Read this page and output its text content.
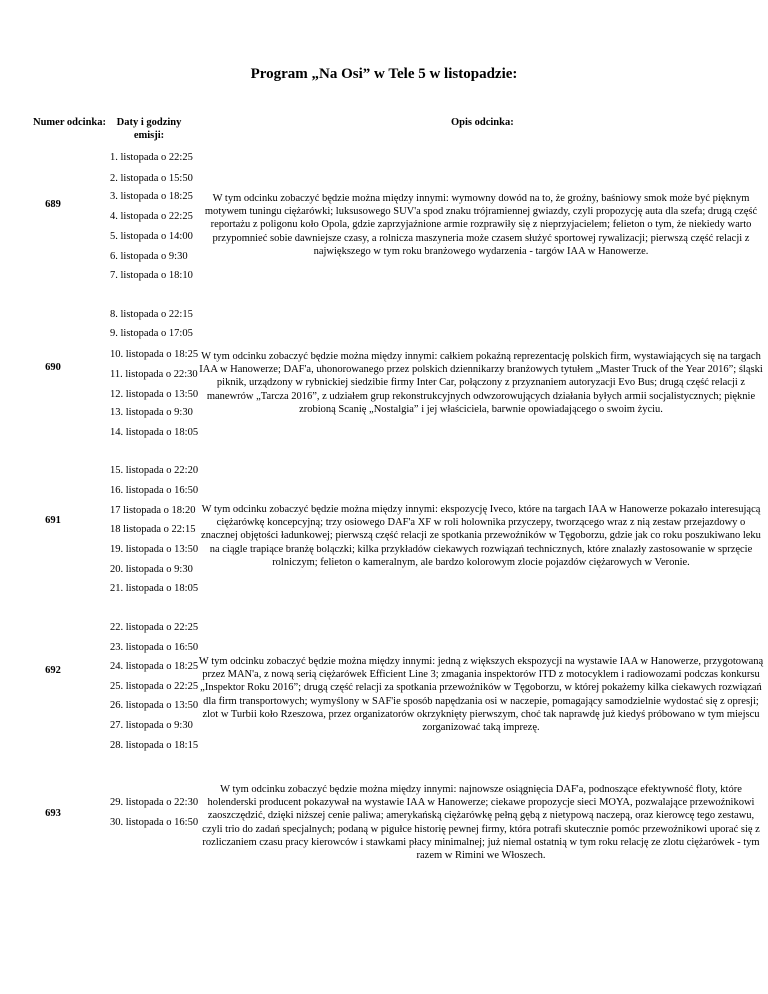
Program „Na Osi” w Tele 5 w listopadzie:
Numer odcinka:	Daty i godziny emisji:
Opis odcinka:
689
1. listopada o 22:25
2. listopada o 15:50
3. listopada o 18:25
4. listopada o 22:25
5. listopada o 14:00
6. listopada o 9:30
7. listopada o 18:10
W tym odcinku zobaczyć będzie można między innymi: wymowny dowód na to, że groźny, baśniowy smok może być pięknym motywem tuningu ciężarówki; luksusowego SUV'a spod znaku trójramiennej gwiazdy, czyli propozycję auta dla szefa; drugą część reportażu z poligonu koło Opola, gdzie zaprzyjaźnione armie rozprawiły się z nieprzyjacielem; felieton o tym, że niekiedy warto przypomnieć sobie dawniejsze czasy, a rolnicza maszyneria może czasem służyć sportowej rywalizacji; pierwszą część relacji z największego w tym roku branżowego wydarzenia - targów IAA w Hanowerze.
690
8. listopada o 22:15
9. listopada o 17:05
10. listopada o 18:25
11. listopada o 22:30
12. listopada o 13:50
13. listopada o 9:30
14. listopada o 18:05
W tym odcinku zobaczyć będzie można między innymi: całkiem pokaźną reprezentację polskich firm, wystawiających się na targach IAA w Hanowerze; DAF'a, uhonorowanego przez polskich dziennikarzy branżowych tytułem „Master Truck of the Year 2016”; śląski piknik, urządzony w rybnickiej siedzibie firmy Inter Car, połączony z przyznaniem autoryzacji Evo Bus; drugą część relacji z manewrów „Tarcza 2016”, z udziałem grup rekonstrukcyjnych odwzorowujących działania byłych armii socjalistycznych; pięknie zrobioną Scanię „Nostalgia” i jej właściciela, barwnie opowiadającego o swoim życiu.
691
15. listopada o 22:20
16. listopada o 16:50
17 listopada o 18:20
18 listopada o 22:15
19. listopada o 13:50
20. listopada o 9:30
21. listopada o 18:05
W tym odcinku zobaczyć będzie można między innymi: ekspozycję Iveco, które na targach IAA w Hanowerze pokazało interesującą ciężarówkę koncepcyjną; trzy osiowego DAF'a XF w roli holownika przyczepy, tworzącego wraz z nią zestaw przejazdowy o znacznej objętości ładunkowej; pierwszą część relacji ze spotkania przewoźników w Tęgoborzu, gdzie jak co roku poszukiwano leku na ciągle trapiące branżę bolączki; kilka przykładów ciekawych rozwiązań technicznych, które znalazły zastosowanie w sprzęcie rolniczym; felieton o kameralnym, ale bardzo kolorowym zlocie pojazdów ciężarowych w Veronie.
692
22. listopada o 22:25
23. listopada o 16:50
24. listopada o 18:25
25. listopada o 22:25
26. listopada o 13:50
27. listopada o 9:30
28. listopada o 18:15
W tym odcinku zobaczyć będzie można między innymi: jedną z większych ekspozycji na wystawie IAA w Hanowerze, przygotowaną przez MAN'a, z nową serią ciężarówek Efficient Line 3; zmagania inspektorów ITD z motocyklem i radiowozami podczas konkursu „Inspektor Roku 2016”; drugą część relacji za spotkania przewoźników w Tęgoborzu, w której pokażemy kilka ciekawych rozwiązań dla firm transportowych; wymyślony w SAF'ie sposób napędzania osi w naczepie, pomagający samodzielnie wydostać się z opresji; zlot w Turbii koło Rzeszowa, przez organizatorów okrzyknięty pierwszym, choć tak naprawdę już kiedyś próbowano w tym miejscu zorganizować taką imprezę.
693
29. listopada o 22:30
30. listopada o 16:50
W tym odcinku zobaczyć będzie można między innymi: najnowsze osiągnięcia DAF'a, podnoszące efektywność floty, które holenderski producent pokazywał na wystawie IAA w Hanowerze; ciekawe propozycje sieci MOYA, pozwalające przewoźnikowi zaoszczędzić, dzięki niższej cenie paliwa; amerykańską ciężarówkę pełną gębą z nietypową naczepą, oraz kierowcę tego zestawu, czyli trio do zadań specjalnych; podaną w pigułce historię pewnej firmy, która potrafi skutecznie pomóc przewoźnikowi uporać się z rozliczaniem czasu pracy kierowców i stawkami płacy minimalnej; już niemal ostatnią w tym roku relację ze zlotu ciężarówek - tym razem w Rimini we Włoszech.
